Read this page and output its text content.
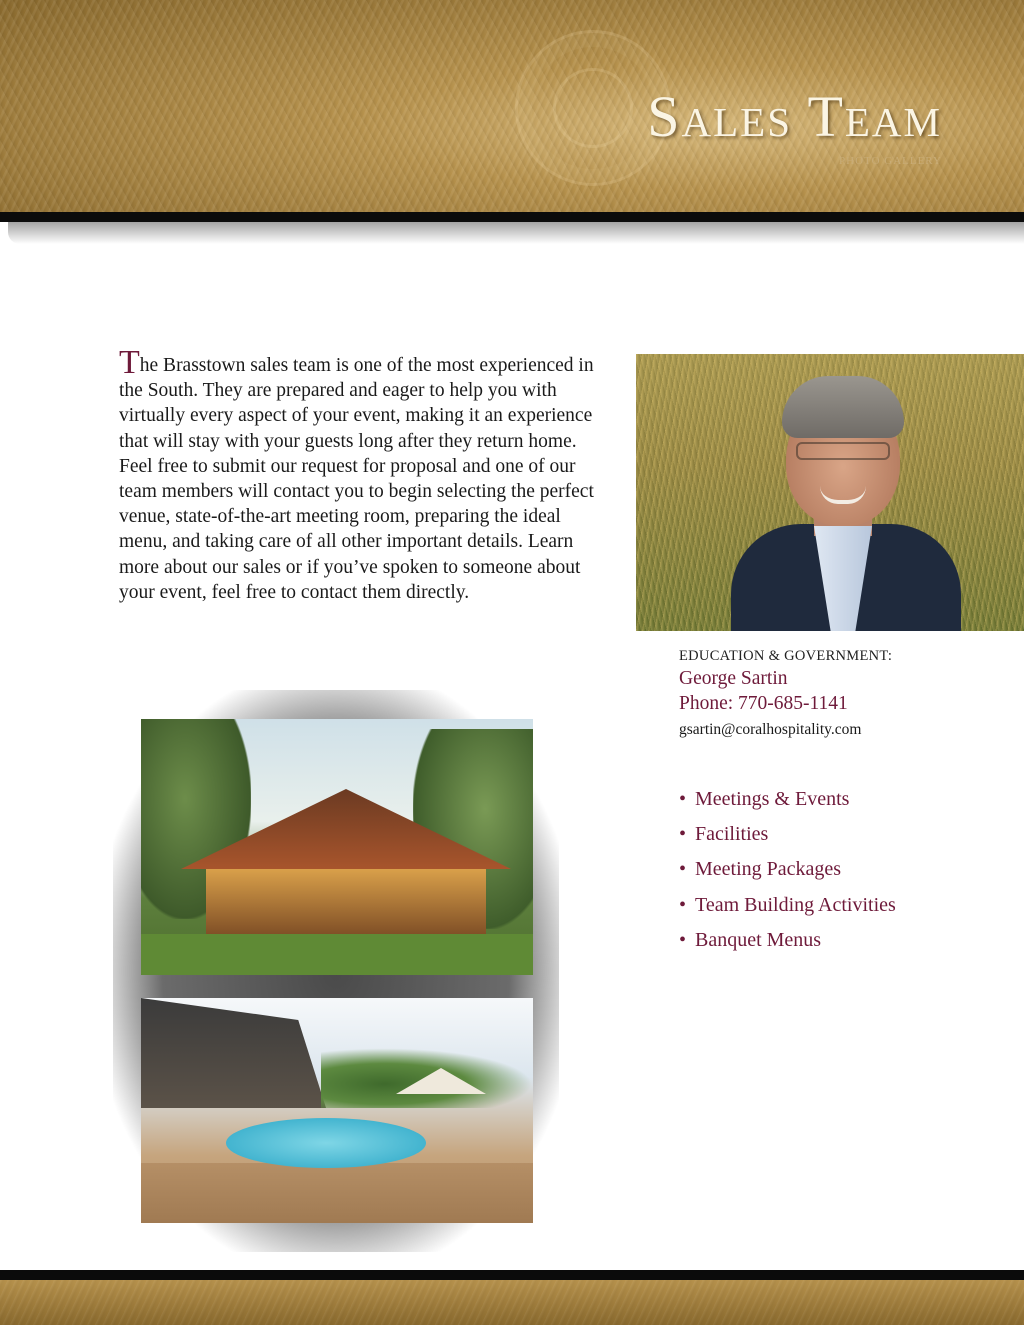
Sales Team
PHOTO GALLERY

The Brasstown sales team is one of the most experienced in the South. They are prepared and eager to help you with virtually every aspect of your event, making it an experience that will stay with your guests long after they return home. Feel free to submit our request for proposal and one of our team members will contact you to begin selecting the perfect venue, state-of-the-art meeting room, preparing the ideal menu, and taking care of all other important details. Learn more about our sales or if you’ve spoken to someone about your event, feel free to contact them directly.

EDUCATION & GOVERNMENT:
George Sartin
Phone: 770-685-1141
gsartin@coralhospitality.com
• Meetings & Events
• Facilities
• Meeting Packages
• Team Building Activities
• Banquet Menus
